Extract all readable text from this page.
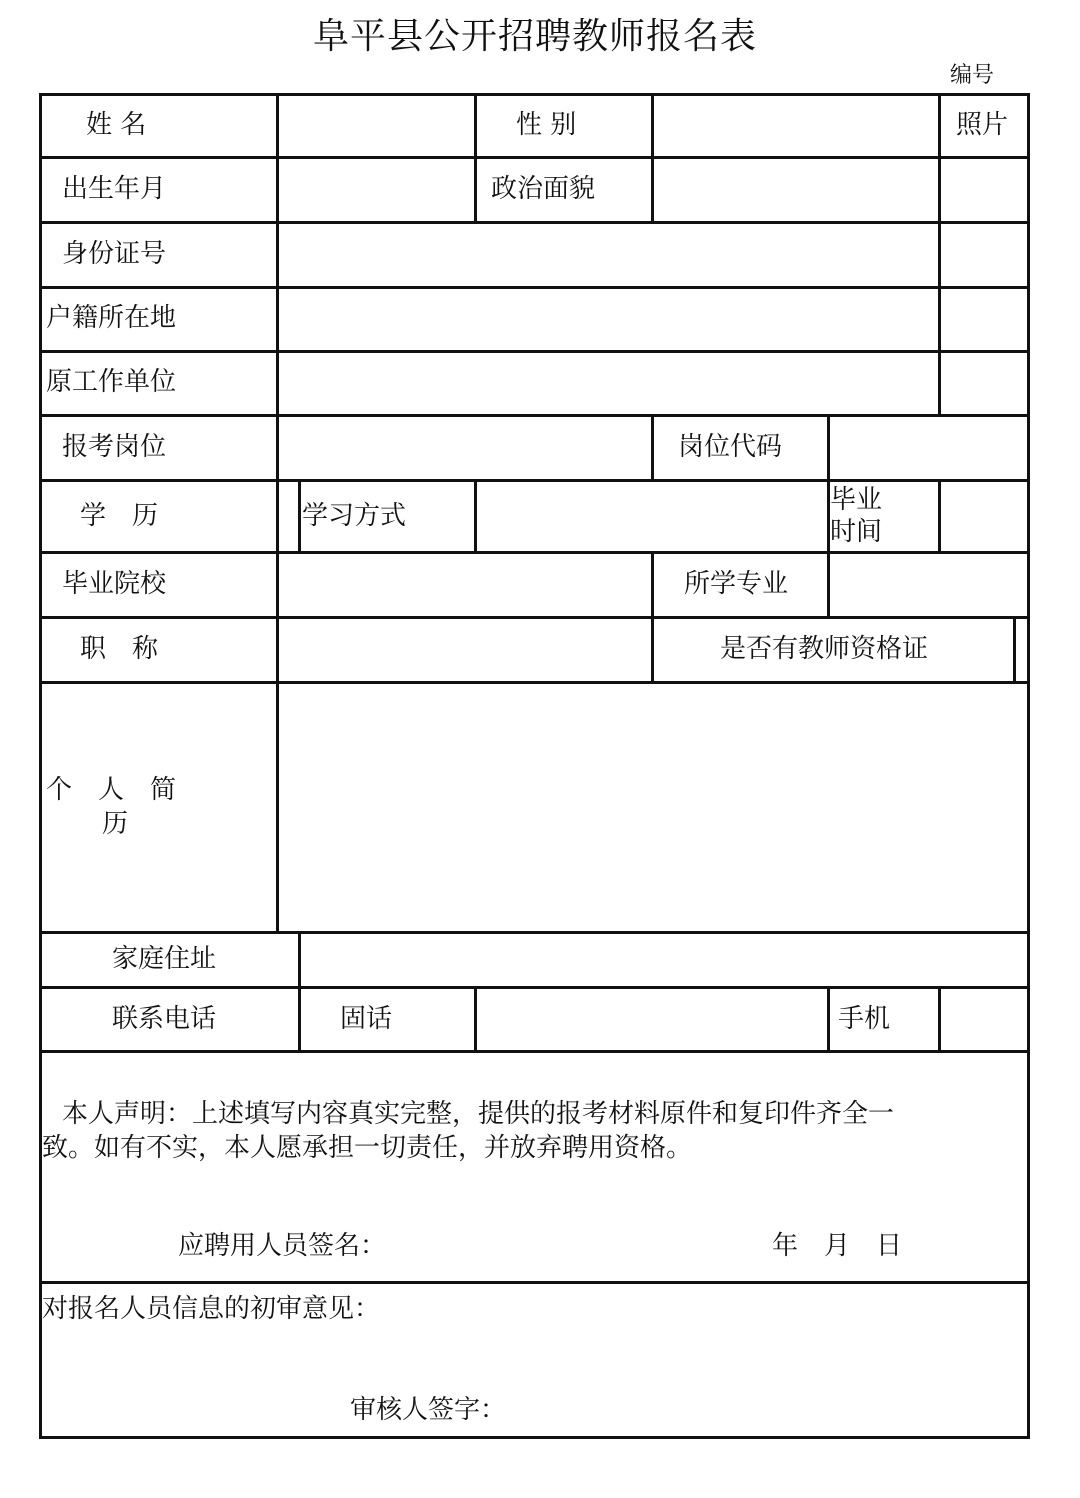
阜平县公开招聘教师报名表
编号
姓 名	性 别	照片
出生年月	政治面貌
身份证号
户籍所在地
原工作单位
报考岗位	岗位代码
学　历	学习方式
毕业
时间
毕业院校	所学专业
职　称	是否有教师资格证
个　人　简
历
家庭住址
联系电话	固话	手机
本人声明：上述填写内容真实完整，提供的报考材料原件和复印件齐全一
致。如有不实，本人愿承担一切责任，并放弃聘用资格。
应聘用人员签名：	年　月　日
对报名人员信息的初审意见：
审核人签字：
